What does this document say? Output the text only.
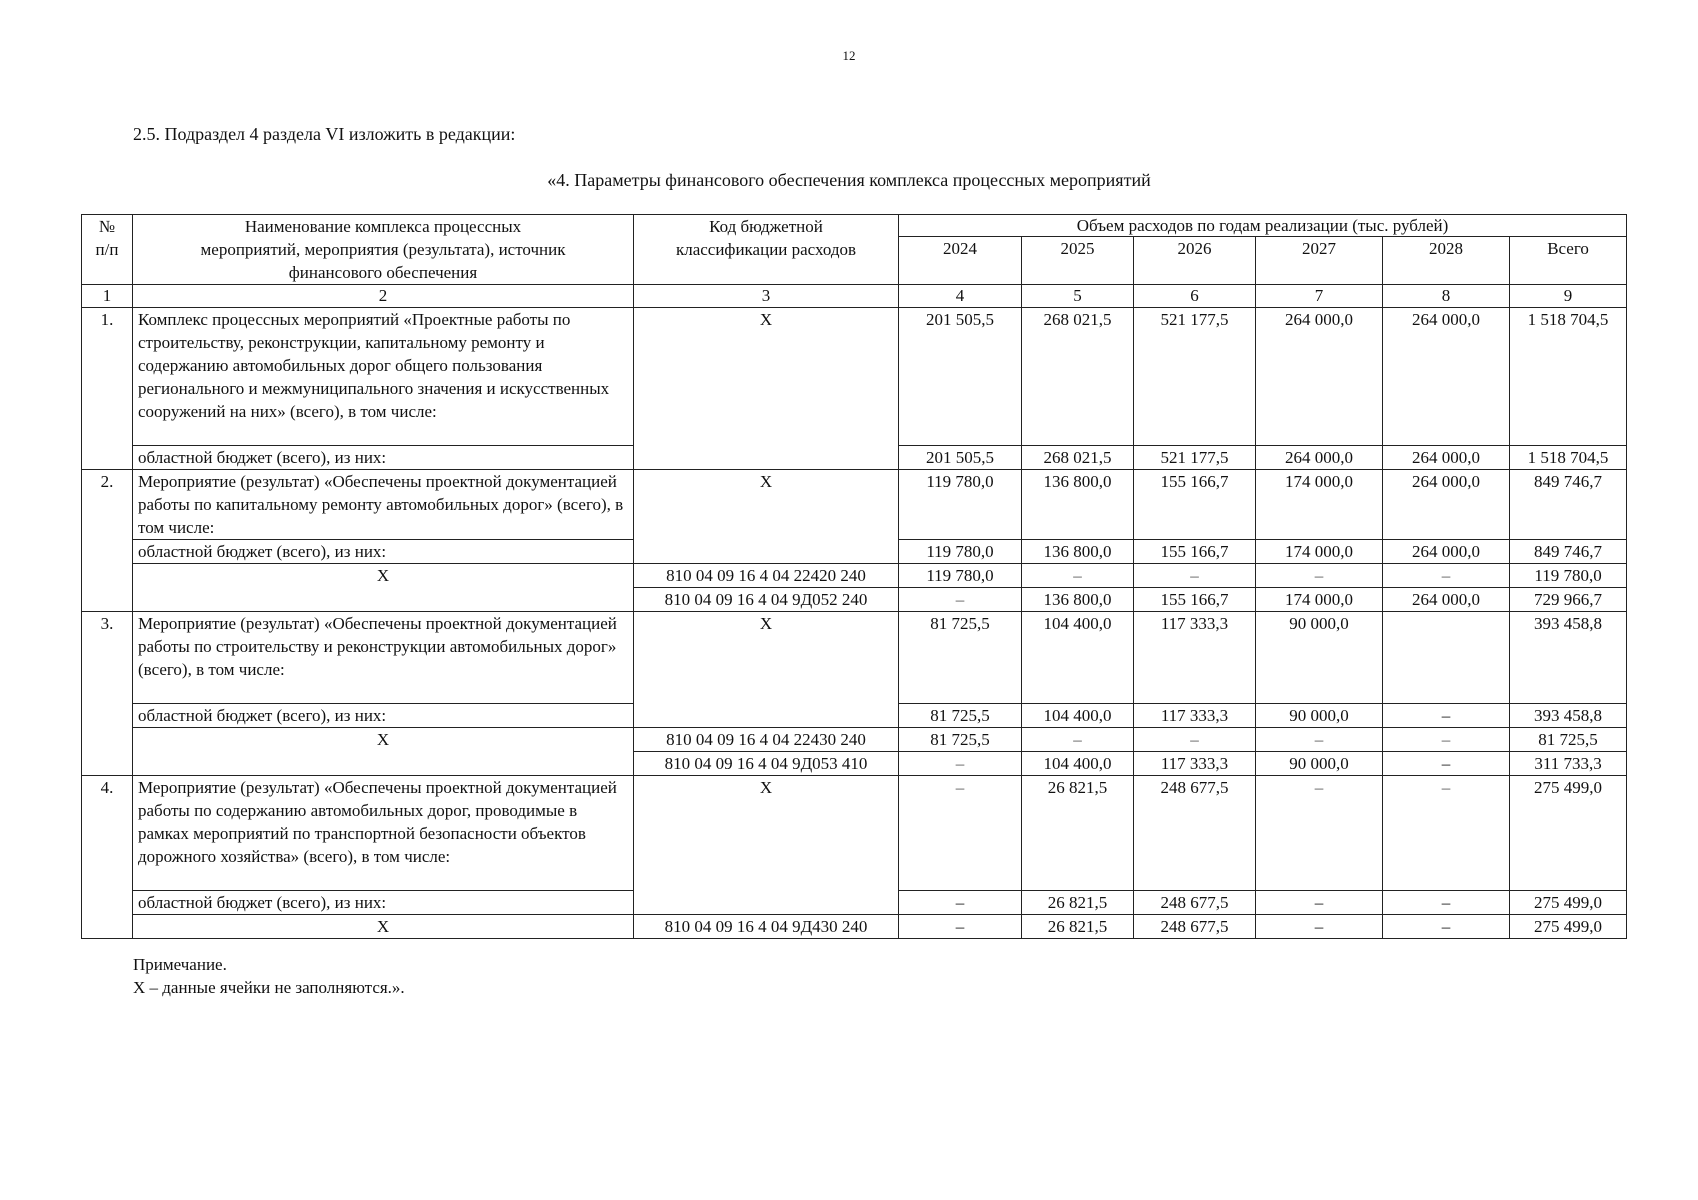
12
2.5. Подраздел 4 раздела VI изложить в редакции:
«4. Параметры финансового обеспечения комплекса процессных мероприятий
№
п/п	Наименование комплекса процессных мероприятий, мероприятия (результата), источник финансового обеспечения	Код бюджетной классификации расходов	Объем расходов по годам реализации (тыс. рублей)					
			2024	2025	2026	2027	2028	Всего
1	2	3	4	5	6	7	8	9
1.	Комплекс процессных мероприятий «Проектные работы по строительству, реконструкции, капитальному ремонту и содержанию автомобильных дорог общего пользования регионального и межмуниципального значения и искусственных сооружений на них» (всего), в том числе:	Х	201 505,5	268 021,5	521 177,5	264 000,0	264 000,0	1 518 704,5
	областной бюджет (всего), из них:		201 505,5	268 021,5	521 177,5	264 000,0	264 000,0	1 518 704,5
2.	Мероприятие (результат) «Обеспечены проектной документацией работы по капитальному ремонту автомобильных дорог» (всего), в том числе:	Х	119 780,0	136 800,0	155 166,7	174 000,0	264 000,0	849 746,7
	областной бюджет (всего), из них:		119 780,0	136 800,0	155 166,7	174 000,0	264 000,0	849 746,7
	Х	810 04 09 16 4 04 22420 240	119 780,0	–	–	–	–	119 780,0
		810 04 09 16 4 04 9Д052 240	–	136 800,0	155 166,7	174 000,0	264 000,0	729 966,7
3.	Мероприятие (результат) «Обеспечены проектной документацией работы по строительству и реконструкции автомобильных дорог» (всего), в том числе:	Х	81 725,5	104 400,0	117 333,3	90 000,0		393 458,8
	областной бюджет (всего), из них:		81 725,5	104 400,0	117 333,3	90 000,0	–	393 458,8
	Х	810 04 09 16 4 04 22430 240	81 725,5	–	–	–	–	81 725,5
		810 04 09 16 4 04 9Д053 410	–	104 400,0	117 333,3	90 000,0	–	311 733,3
4.	Мероприятие (результат) «Обеспечены проектной документацией работы по содержанию автомобильных дорог, проводимые в рамках мероприятий по транспортной безопасности объектов дорожного хозяйства» (всего), в том числе:	Х	–	26 821,5	248 677,5	–	–	275 499,0
	областной бюджет (всего), из них:		–	26 821,5	248 677,5	–	–	275 499,0
	Х	810 04 09 16 4 04 9Д430 240	–	26 821,5	248 677,5	–	–	275 499,0
Примечание.
Х – данные ячейки не заполняются.».
